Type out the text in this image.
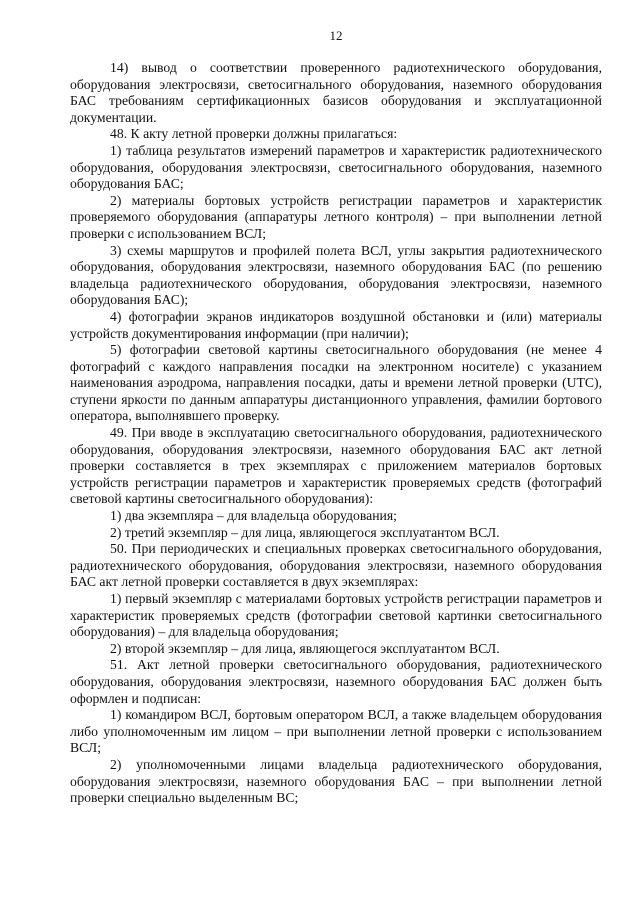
12

14) вывод о соответствии проверенного радиотехнического оборудования, оборудования электросвязи, светосигнального оборудования, наземного оборудования БАС требованиям сертификационных базисов оборудования и эксплуатационной документации.

48. К акту летной проверки должны прилагаться:

1) таблица результатов измерений параметров и характеристик радиотехнического оборудования, оборудования электросвязи, светосигнального оборудования, наземного оборудования БАС;

2) материалы бортовых устройств регистрации параметров и характеристик проверяемого оборудования (аппаратуры летного контроля) – при выполнении летной проверки с использованием ВСЛ;

3) схемы маршрутов и профилей полета ВСЛ, углы закрытия радиотехнического оборудования, оборудования электросвязи, наземного оборудования БАС (по решению владельца радиотехнического оборудования, оборудования электросвязи, наземного оборудования БАС);

4) фотографии экранов индикаторов воздушной обстановки и (или) материалы устройств документирования информации (при наличии);

5) фотографии световой картины светосигнального оборудования (не менее 4 фотографий с каждого направления посадки на электронном носителе) с указанием наименования аэродрома, направления посадки, даты и времени летной проверки (UTC), ступени яркости по данным аппаратуры дистанционного управления, фамилии бортового оператора, выполнявшего проверку.

49. При вводе в эксплуатацию светосигнального оборудования, радиотехнического оборудования, оборудования электросвязи, наземного оборудования БАС акт летной проверки составляется в трех экземплярах с приложением материалов бортовых устройств регистрации параметров и характеристик проверяемых средств (фотографий световой картины светосигнального оборудования):

1) два экземпляра – для владельца оборудования;

2) третий экземпляр – для лица, являющегося эксплуатантом ВСЛ.

50. При периодических и специальных проверках светосигнального оборудования, радиотехнического оборудования, оборудования электросвязи, наземного оборудования БАС акт летной проверки составляется в двух экземплярах:

1) первый экземпляр с материалами бортовых устройств регистрации параметров и характеристик проверяемых средств (фотографии световой картинки светосигнального оборудования) – для владельца оборудования;

2) второй экземпляр – для лица, являющегося эксплуатантом ВСЛ.

51. Акт летной проверки светосигнального оборудования, радиотехнического оборудования, оборудования электросвязи, наземного оборудования БАС должен быть оформлен и подписан:

1) командиром ВСЛ, бортовым оператором ВСЛ, а также владельцем оборудования либо уполномоченным им лицом – при выполнении летной проверки с использованием ВСЛ;

2) уполномоченными лицами владельца радиотехнического оборудования, оборудования электросвязи, наземного оборудования БАС – при выполнении летной проверки специально выделенным ВС;
